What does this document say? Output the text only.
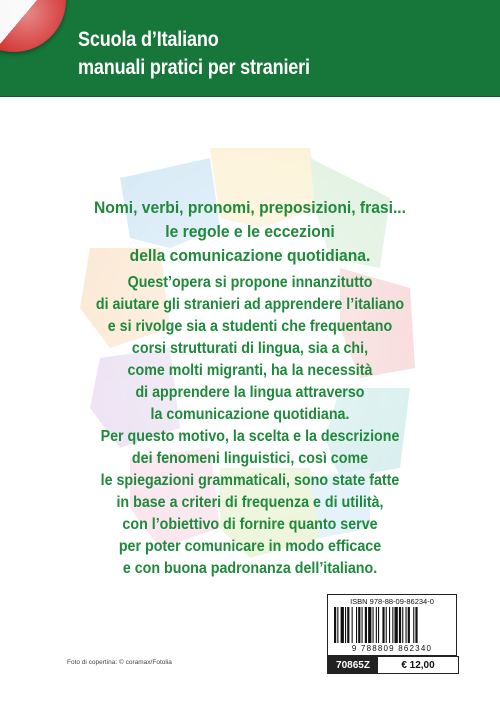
Scuola d’Italiano
manuali pratici per stranieri
Nomi, verbi, pronomi, preposizioni, frasi...
le regole e le eccezioni
della comunicazione quotidiana.
Quest’opera si propone innanzitutto
di aiutare gli stranieri ad apprendere l’italiano
e si rivolge sia a studenti che frequentano
corsi strutturati di lingua, sia a chi,
come molti migranti, ha la necessità
di apprendere la lingua attraverso
la comunicazione quotidiana.
Per questo motivo, la scelta e la descrizione
dei fenomeni linguistici, così come
le spiegazioni grammaticali, sono state fatte
in base a criteri di frequenza e di utilità,
con l’obiettivo di fornire quanto serve
per poter comunicare in modo efficace
e con buona padronanza dell’italiano.
ISBN 978-88-09-86234-0
9 788809 862340
70865Z	€ 12,00
Foto di copertina: © coramax/Fotolia
